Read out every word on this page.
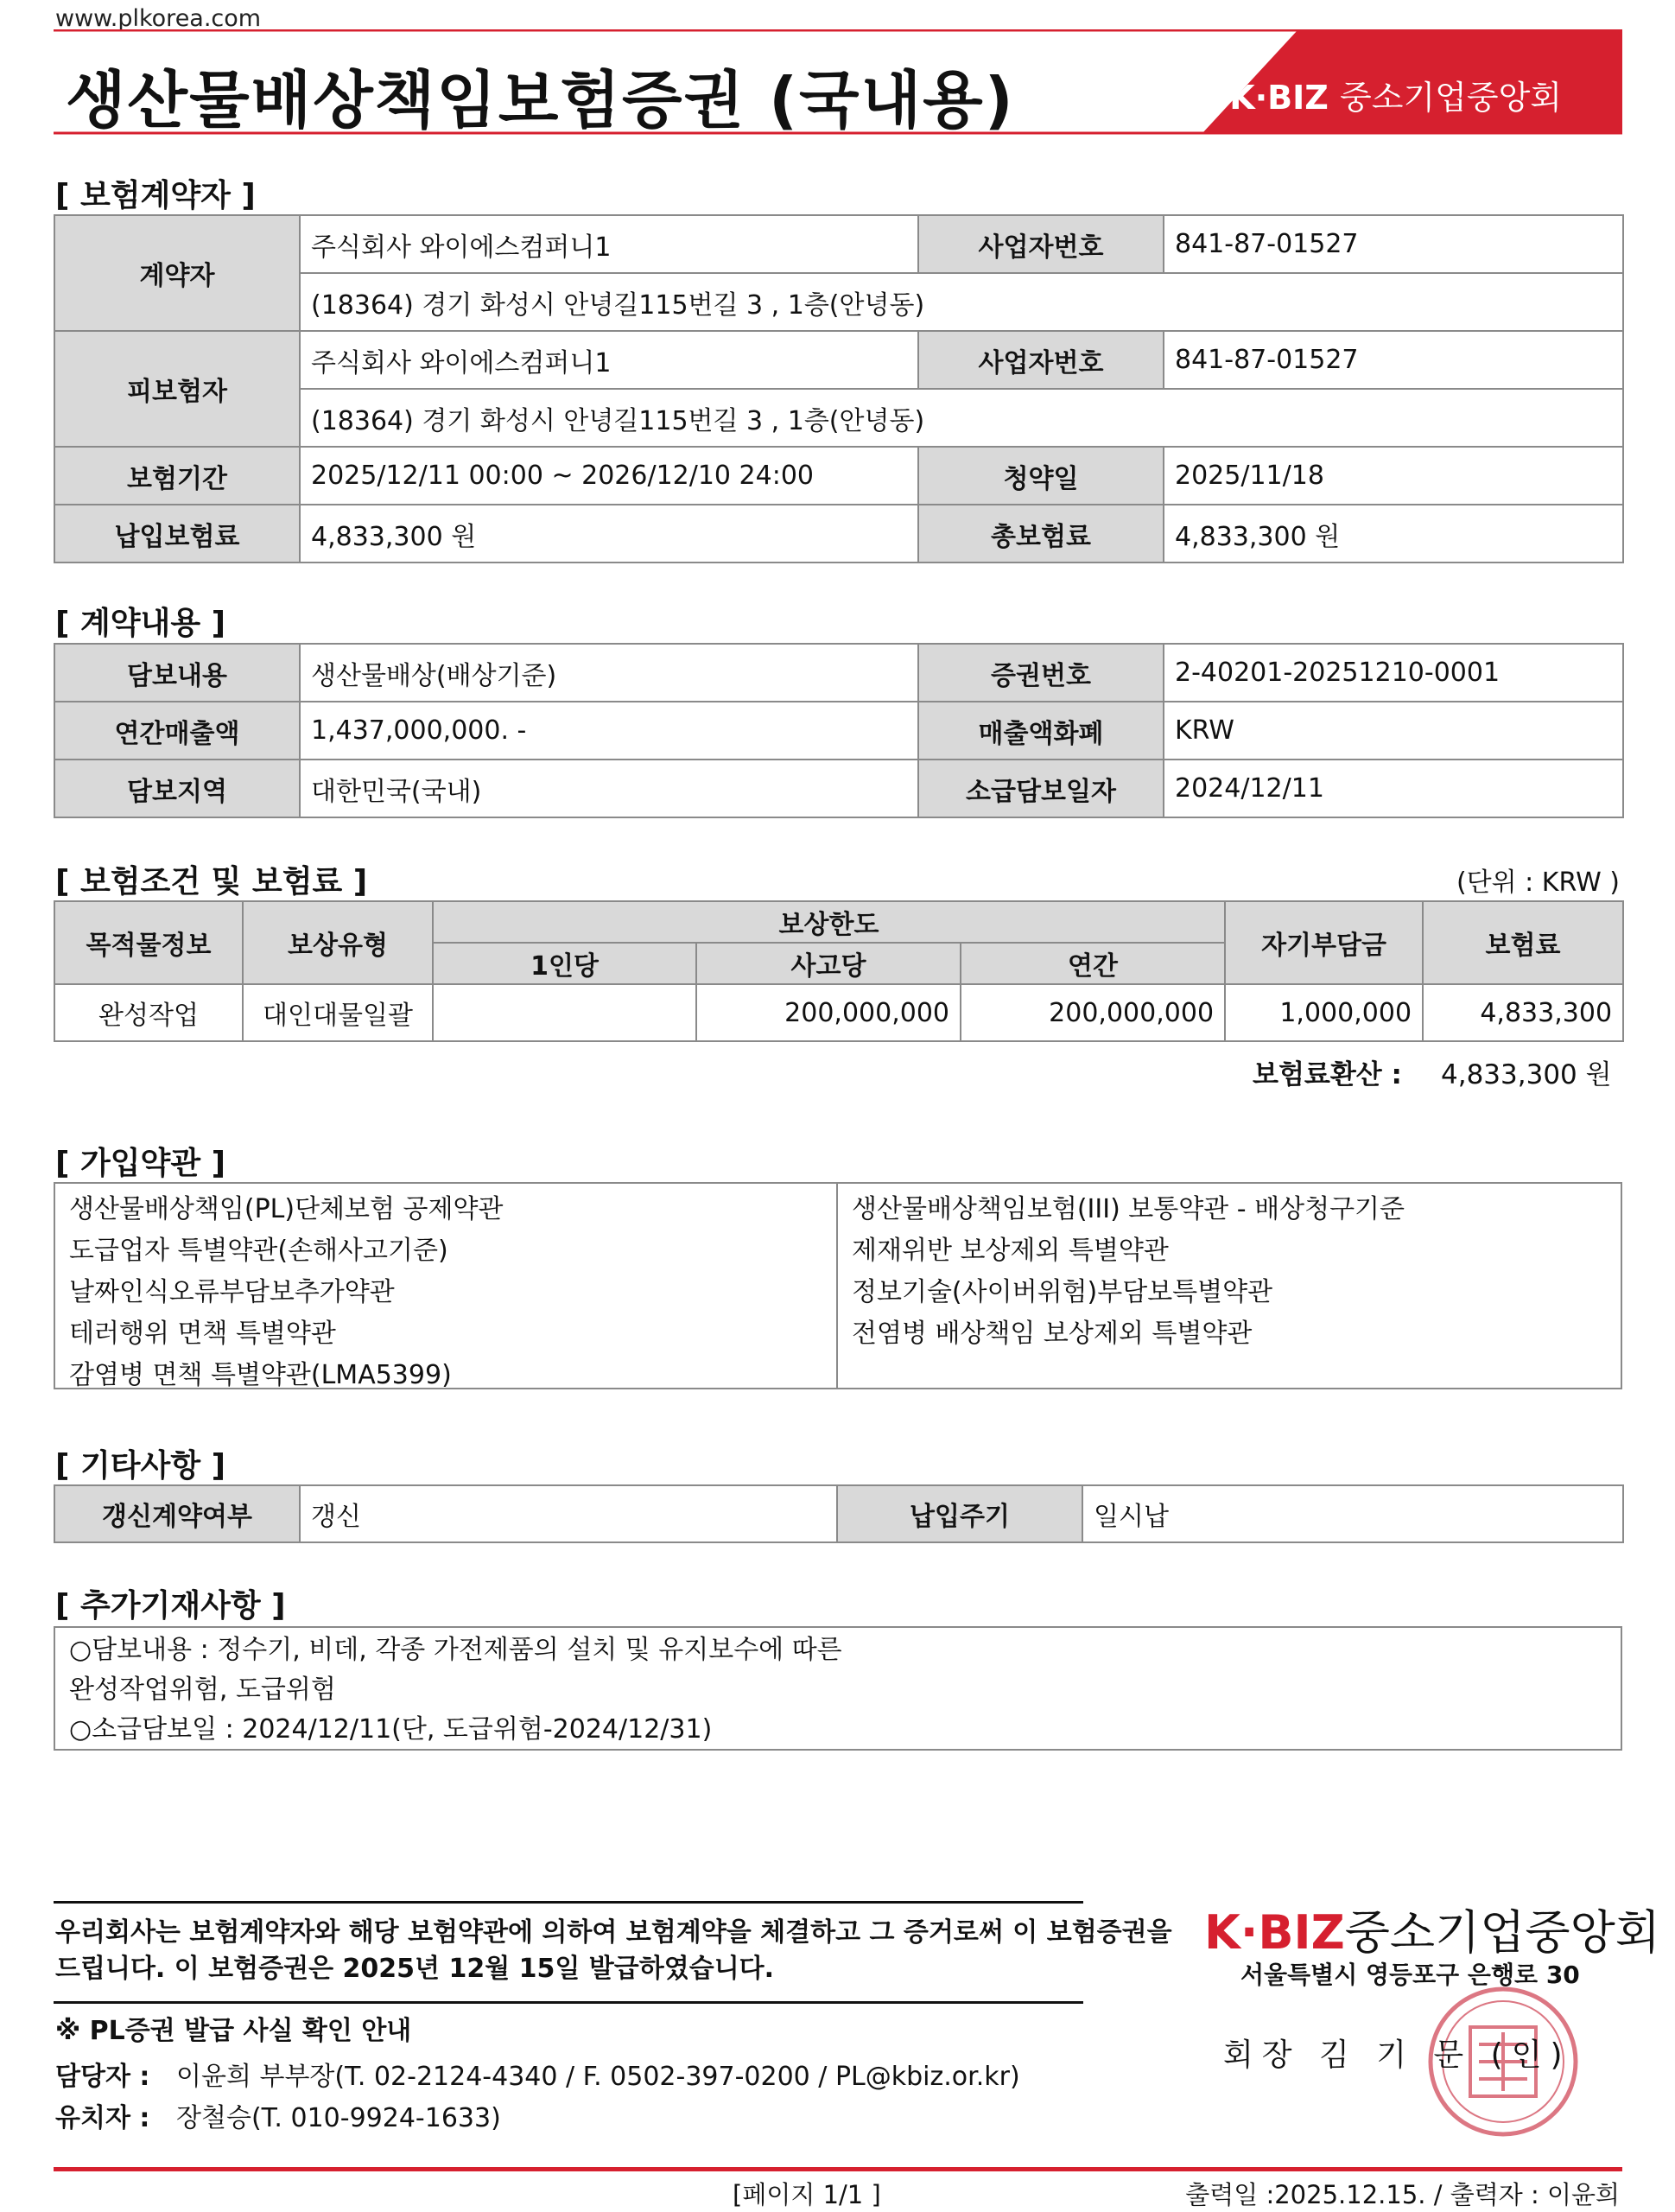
www.plkorea.com
생산물배상책임보험증권 (국내용)	K·BIZ 중소기업중앙회
[ 보험계약자 ]
계약자	주식회사 와이에스컴퍼니1	사업자번호	841-87-01527
	(18364) 경기 화성시 안녕길115번길 3 , 1층(안녕동)		
피보험자	주식회사 와이에스컴퍼니1	사업자번호	841-87-01527
	(18364) 경기 화성시 안녕길115번길 3 , 1층(안녕동)		
보험기간	2025/12/11 00:00 ~ 2026/12/10 24:00	청약일	2025/11/18
납입보험료	4,833,300 원	총보험료	4,833,300 원
[ 계약내용 ]
담보내용	생산물배상(배상기준)	증권번호	2-40201-20251210-0001
연간매출액	1,437,000,000. -	매출액화폐	KRW
담보지역	대한민국(국내)	소급담보일자	2024/12/11
[ 보험조건 및 보험료 ]	(단위 : KRW )
목적물정보	보상유형	보상한도			자기부담금	보험료
		1인당	사고당	연간		
완성작업	대인대물일괄		200,000,000	200,000,000	1,000,000	4,833,300
보험료환산 : 4,833,300 원
[ 가입약관 ]
생산물배상책임(PL)단체보험 공제약관
도급업자 특별약관(손해사고기준)
날짜인식오류부담보추가약관
테러행위 면책 특별약관
감염병 면책 특별약관(LMA5399)
생산물배상책임보험(III) 보통약관 - 배상청구기준
제재위반 보상제외 특별약관
정보기술(사이버위험)부담보특별약관
전염병 배상책임 보상제외 특별약관
[ 기타사항 ]
갱신계약여부	갱신	납입주기	일시납
[ 추가기재사항 ]
○담보내용 : 정수기, 비데, 각종 가전제품의 설치 및 유지보수에 따른
완성작업위험, 도급위험
○소급담보일 : 2024/12/11(단, 도급위험-2024/12/31)
우리회사는 보험계약자와 해당 보험약관에 의하여 보험계약을 체결하고 그 증거로써 이 보험증권을
드립니다. 이 보험증권은 2025년 12월 15일 발급하였습니다.
※ PL증권 발급 사실 확인 안내
담당자 : 이윤희 부부장(T. 02-2124-4340 / F. 0502-397-0200 / PL@kbiz.or.kr)
유치자 : 장철승(T. 010-9924-1633)
K·BIZ중소기업중앙회
서울특별시 영등포구 은행로 30
회장 김 기 문 (인)
[페이지 1/1 ]	출력일 :2025.12.15. / 출력자 : 이윤희
